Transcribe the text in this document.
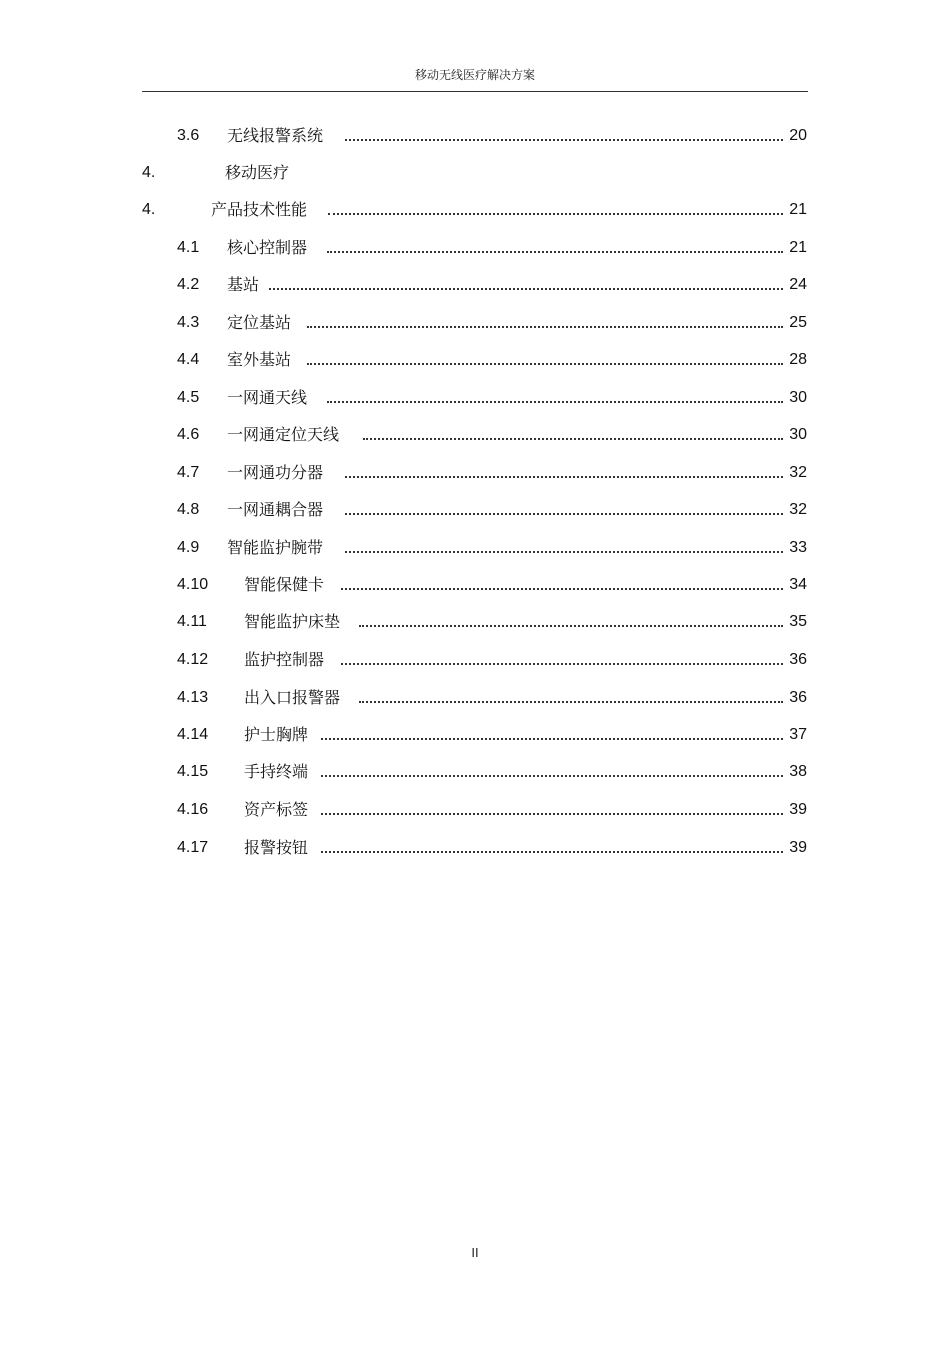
移动无线医疗解决方案
3.6 无线报警系统	20
4.	移动医疗
4.	产品技术性能	21
4.1 核心控制器	21
4.2 基站	24
4.3 定位基站	25
4.4 室外基站	28
4.5 一网通天线	30
4.6 一网通定位天线	30
4.7 一网通功分器	32
4.8 一网通耦合器	32
4.9 智能监护腕带	33
4.10 智能保健卡	34
4.11 智能监护床垫	35
4.12 监护控制器	36
4.13 出入口报警器	36
4.14 护士胸牌	37
4.15 手持终端	38
4.16 资产标签	39
4.17 报警按钮	39
II
